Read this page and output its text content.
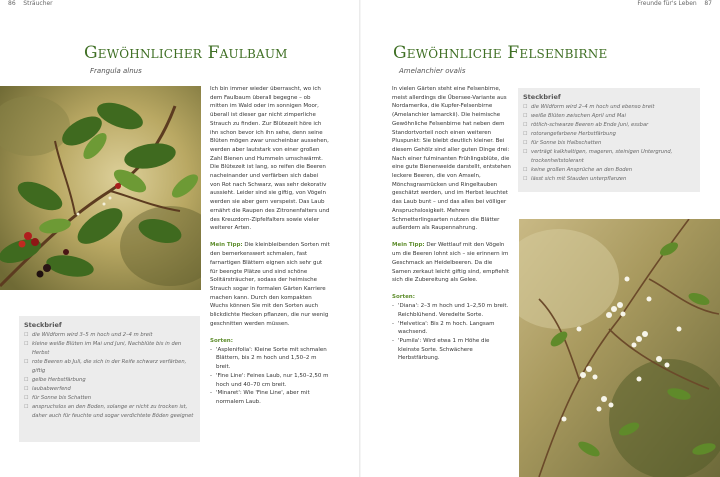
86 Sträucher
Gewöhnlicher Faulbaum
Frangula alnus

Ich bin immer wieder überrascht, wo ich dem Faulbaum überall begegne – ob mitten im Wald oder im sonnigen Moor, überall ist dieser gar nicht zimperliche Strauch zu finden. Zur Blütezeit höre ich ihn schon bevor ich ihn sehe, denn seine Blüten mögen zwar unscheinbar aussehen, werden aber lautstark von einer großen Zahl Bienen und Hummeln umschwärmt. Die Blütezeit ist lang, so reifen die Beeren nacheinander und verfärben sich dabei von Rot nach Schwarz, was sehr dekorativ aussieht. Leider sind sie giftig, von Vögeln werden sie aber gern verspeist. Das Laub ernährt die Raupen des Zitronenfalters und des Kreuzdorn-Zipfelfalters sowie vieler weiterer Arten.

Mein Tipp: Die kleinbleibenden Sorten mit den bemerkenswert schmalen, fast farnartigen Blättern eignen sich sehr gut für beengte Plätze und sind schöne Solitärsträucher, sodass der heimische Strauch sogar in formalen Gärten Karriere machen kann. Durch den kompakten Wuchs können Sie mit den Sorten auch blickdichte Hecken pflanzen, die nur wenig geschnitten werden müssen.

Sorten:
- 'Asplenifolia': Kleine Sorte mit schmalen Blättern, bis 2 m hoch und 1,50–2 m breit.
- 'Fine Line': Feines Laub, nur 1,50–2,50 m hoch und 40–70 cm breit.
- 'Minaret': Wie 'Fine Line', aber mit normalem Laub.
Steckbrief
☐ die Wildform wird 3–5 m hoch und 2–4 m breit
☐ kleine weiße Blüten im Mai und Juni, Nachblüte bis in den Herbst
☐ rote Beeren ab Juli, die sich in der Reife schwarz verfärben, giftig
☐ gelbe Herbstfärbung
☐ laubabwerfend
☐ für Sonne bis Schatten
☐ anspruchslos an den Boden, solange er nicht zu trocken ist, daher auch für feuchte und sogar verdichtete Böden geeignet
Freunde für's Leben 87
Gewöhnliche Felsenbirne
Amelanchier ovalis

In vielen Gärten steht eine Felsenbirne, meist allerdings die Übersee-Variante aus Nordamerika, die Kupfer-Felsenbirne (Amelanchier lamarckii). Die heimische Gewöhnliche Felsenbirne hat neben dem Standortvorteil noch einen weiteren Pluspunkt: Sie bleibt deutlich kleiner. Bei diesem Gehölz sind aller guten Dinge drei: Nach einer fulminanten Frühlingsblüte, die eine gute Bienenweide darstellt, entstehen leckere Beeren, die von Amseln, Mönchsgrasmücken und Ringeltauben geschätzt werden, und im Herbst leuchtet das Laub bunt – und das alles bei völliger Anspruchslosigkeit. Mehrere Schmetterlingsarten nutzen die Blätter außerdem als Raupennahrung.

Mein Tipp: Der Wettlauf mit den Vögeln um die Beeren lohnt sich – sie erinnern im Geschmack an Heidelbeeren. Da die Samen zerkaut leicht giftig sind, empfiehlt sich die Zubereitung als Gelee.

Sorten:
- 'Diana': 2–3 m hoch und 1–2,50 m breit. Reichblühend. Veredelte Sorte.
- 'Helvetica': Bis 2 m hoch. Langsam wachsend.
- 'Pumila': Wird etwa 1 m Höhe die kleinste Sorte. Schwächere Herbstfärbung.
Steckbrief
☐ die Wildform wird 2–4 m hoch und ebenso breit
☐ weiße Blüten zwischen April und Mai
☐ rötlich-schwarze Beeren ab Ende Juni, essbar
☐ rotorangefarbene Herbstfärbung
☐ für Sonne bis Halbschatten
☐ verträgt kalkhaltigen, mageren, steinigen Untergrund, trockenheitstolerant
☐ keine großen Ansprüche an den Boden
☐ lässt sich mit Stauden unterpflanzen
